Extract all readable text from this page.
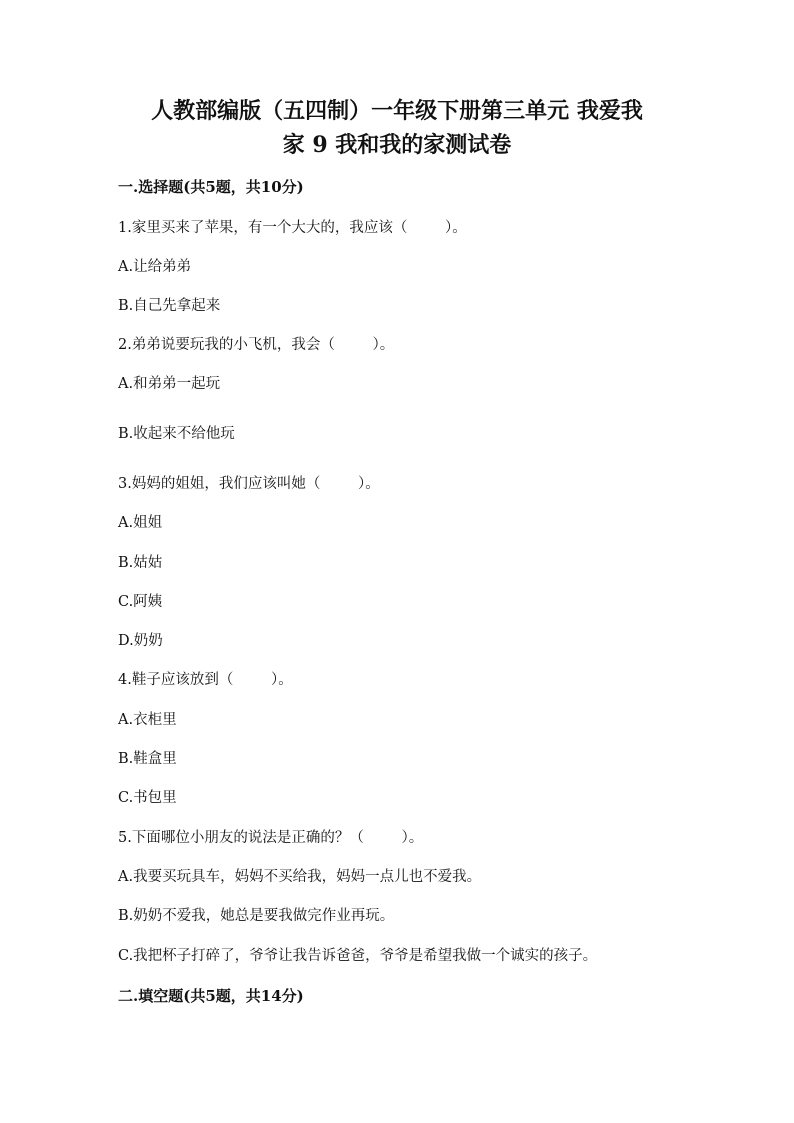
人教部编版（五四制）一年级下册第三单元 我爱我
家 9 我和我的家测试卷
一.选择题(共5题，共10分)
1.家里买来了苹果，有一个大大的，我应该（	）。
A.让给弟弟
B.自己先拿起来
2.弟弟说要玩我的小飞机，我会（	）。
A.和弟弟一起玩
B.收起来不给他玩
3.妈妈的姐姐，我们应该叫她（	）。
A.姐姐
B.姑姑
C.阿姨
D.奶奶
4.鞋子应该放到（	）。
A.衣柜里
B.鞋盒里
C.书包里
5.下面哪位小朋友的说法是正确的？（	）。
A.我要买玩具车，妈妈不买给我，妈妈一点儿也不爱我。
B.奶奶不爱我，她总是要我做完作业再玩。
C.我把杯子打碎了，爷爷让我告诉爸爸，爷爷是希望我做一个诚实的孩子。
二.填空题(共5题，共14分)
